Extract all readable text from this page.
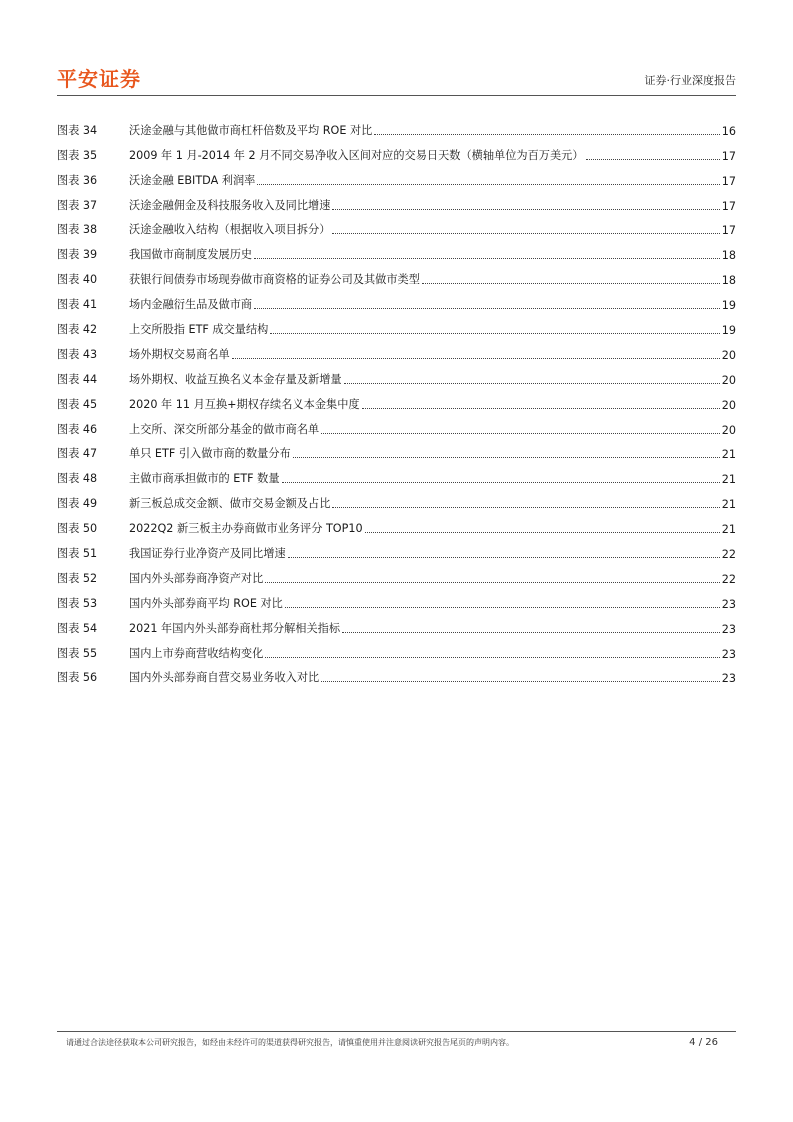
平安证券	证券·行业深度报告
图表 34	沃途金融与其他做市商杠杆倍数及平均 ROE 对比	16
图表 35	2009 年 1 月-2014 年 2 月不同交易净收入区间对应的交易日天数（横轴单位为百万美元）	17
图表 36	沃途金融 EBITDA 利润率	17
图表 37	沃途金融佣金及科技服务收入及同比增速	17
图表 38	沃途金融收入结构（根据收入项目拆分）	17
图表 39	我国做市商制度发展历史	18
图表 40	获银行间债券市场现券做市商资格的证券公司及其做市类型	18
图表 41	场内金融衍生品及做市商	19
图表 42	上交所股指 ETF 成交量结构	19
图表 43	场外期权交易商名单	20
图表 44	场外期权、收益互换名义本金存量及新增量	20
图表 45	2020 年 11 月互换+期权存续名义本金集中度	20
图表 46	上交所、深交所部分基金的做市商名单	20
图表 47	单只 ETF 引入做市商的数量分布	21
图表 48	主做市商承担做市的 ETF 数量	21
图表 49	新三板总成交金额、做市交易金额及占比	21
图表 50	2022Q2 新三板主办券商做市业务评分 TOP10	21
图表 51	我国证券行业净资产及同比增速	22
图表 52	国内外头部券商净资产对比	22
图表 53	国内外头部券商平均 ROE 对比	23
图表 54	2021 年国内外头部券商杜邦分解相关指标	23
图表 55	国内上市券商营收结构变化	23
图表 56	国内外头部券商自营交易业务收入对比	23
请通过合法途径获取本公司研究报告，如经由未经许可的渠道获得研究报告，请慎重使用并注意阅读研究报告尾页的声明内容。	4 / 26
